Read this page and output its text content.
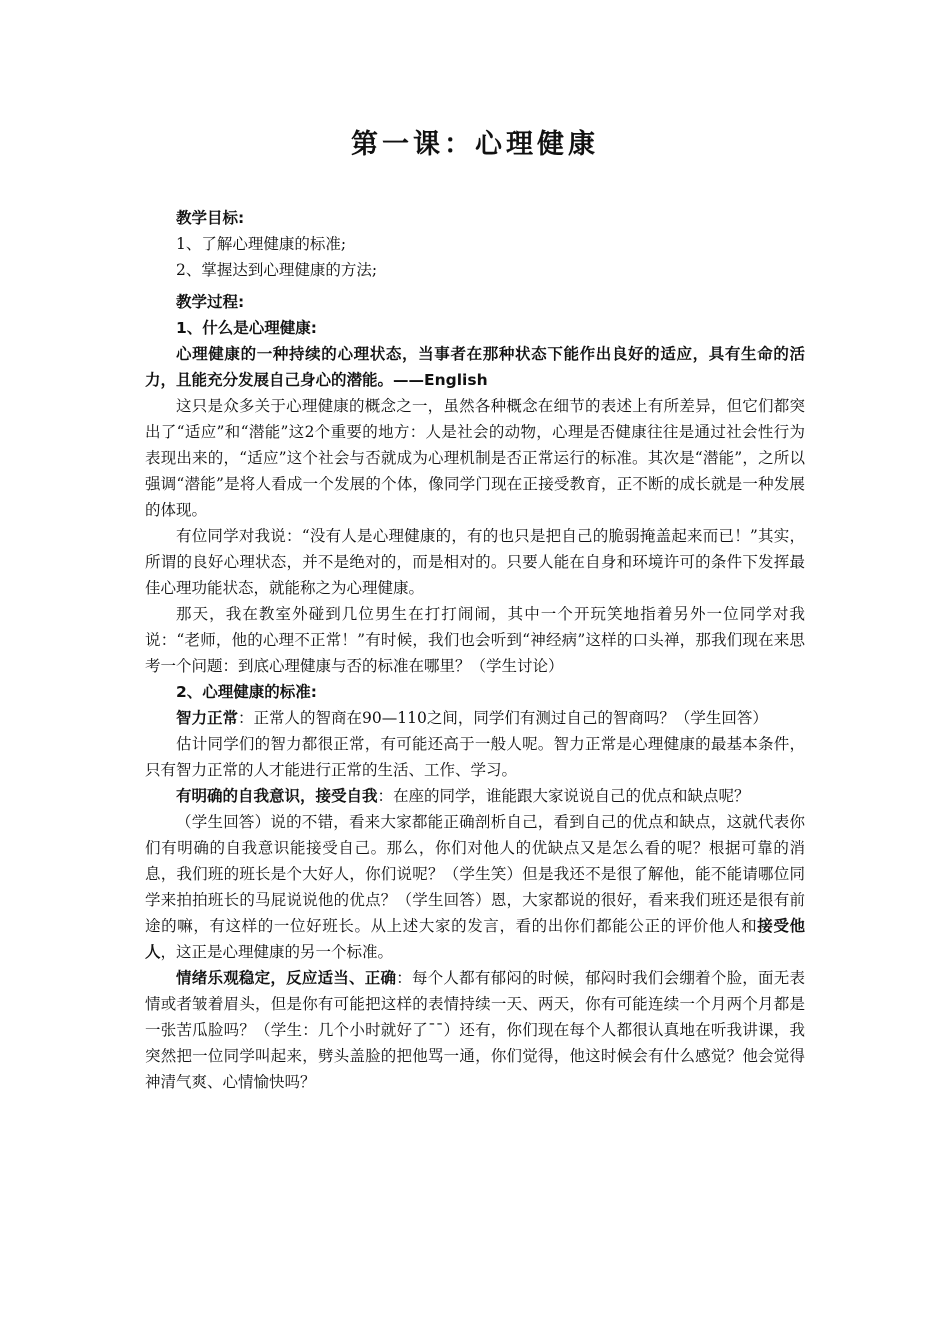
第一课：心理健康

教学目标:

1、了解心理健康的标准;

2、掌握达到心理健康的方法;

教学过程:

1、什么是心理健康:

心理健康的一种持续的心理状态，当事者在那种状态下能作出良好的适应，具有生命的活力，且能充分发展自己身心的潜能。——English

这只是众多关于心理健康的概念之一，虽然各种概念在细节的表述上有所差异，但它们都突出了“适应”和“潜能”这2个重要的地方：人是社会的动物，心理是否健康往往是通过社会性行为表现出来的，“适应”这个社会与否就成为心理机制是否正常运行的标准。其次是“潜能”，之所以强调“潜能”是将人看成一个发展的个体，像同学门现在正接受教育，正不断的成长就是一种发展的体现。

有位同学对我说：“没有人是心理健康的，有的也只是把自己的脆弱掩盖起来而已！”其实，所谓的良好心理状态，并不是绝对的，而是相对的。只要人能在自身和环境许可的条件下发挥最佳心理功能状态，就能称之为心理健康。

那天，我在教室外碰到几位男生在打打闹闹，其中一个开玩笑地指着另外一位同学对我说：“老师，他的心理不正常！”有时候，我们也会听到“神经病”这样的口头禅，那我们现在来思考一个问题：到底心理健康与否的标准在哪里？（学生讨论）

2、心理健康的标准:

智力正常：正常人的智商在90—110之间，同学们有测过自己的智商吗？（学生回答）

估计同学们的智力都很正常，有可能还高于一般人呢。智力正常是心理健康的最基本条件，只有智力正常的人才能进行正常的生活、工作、学习。

有明确的自我意识，接受自我：在座的同学，谁能跟大家说说自己的优点和缺点呢？

（学生回答）说的不错，看来大家都能正确剖析自己，看到自己的优点和缺点，这就代表你们有明确的自我意识能接受自己。那么，你们对他人的优缺点又是怎么看的呢？根据可靠的消息，我们班的班长是个大好人，你们说呢？（学生笑）但是我还不是很了解他，能不能请哪位同学来拍拍班长的马屁说说他的优点？（学生回答）恩，大家都说的很好，看来我们班还是很有前途的嘛，有这样的一位好班长。从上述大家的发言，看的出你们都能公正的评价他人和接受他人，这正是心理健康的另一个标准。

情绪乐观稳定，反应适当、正确：每个人都有郁闷的时候，郁闷时我们会绷着个脸，面无表情或者皱着眉头，但是你有可能把这样的表情持续一天、两天，你有可能连续一个月两个月都是一张苦瓜脸吗？（学生：几个小时就好了¯¯）还有，你们现在每个人都很认真地在听我讲课，我突然把一位同学叫起来，劈头盖脸的把他骂一通，你们觉得，他这时候会有什么感觉？他会觉得神清气爽、心情愉快吗？
